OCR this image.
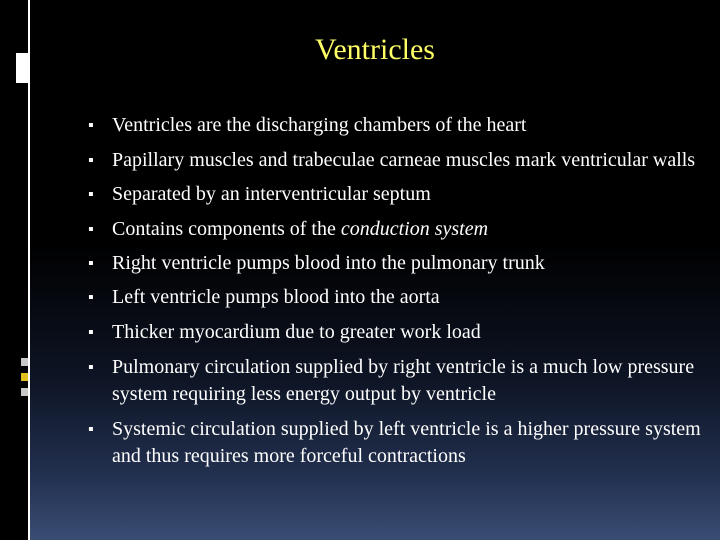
Ventricles
▪
Ventricles are the discharging chambers of the heart
▪
Papillary muscles and trabeculae carneae muscles mark ventricular walls
▪
Separated by an interventricular septum
▪
Contains components of the conduction system
▪
Right ventricle pumps blood into the pulmonary trunk
▪
Left ventricle pumps blood into the aorta
▪
Thicker myocardium due to greater work load
▪
Pulmonary circulation supplied by right ventricle is a much low pressure system requiring less energy output by ventricle
▪
Systemic circulation supplied by left ventricle is a higher pressure system and thus requires more forceful contractions
